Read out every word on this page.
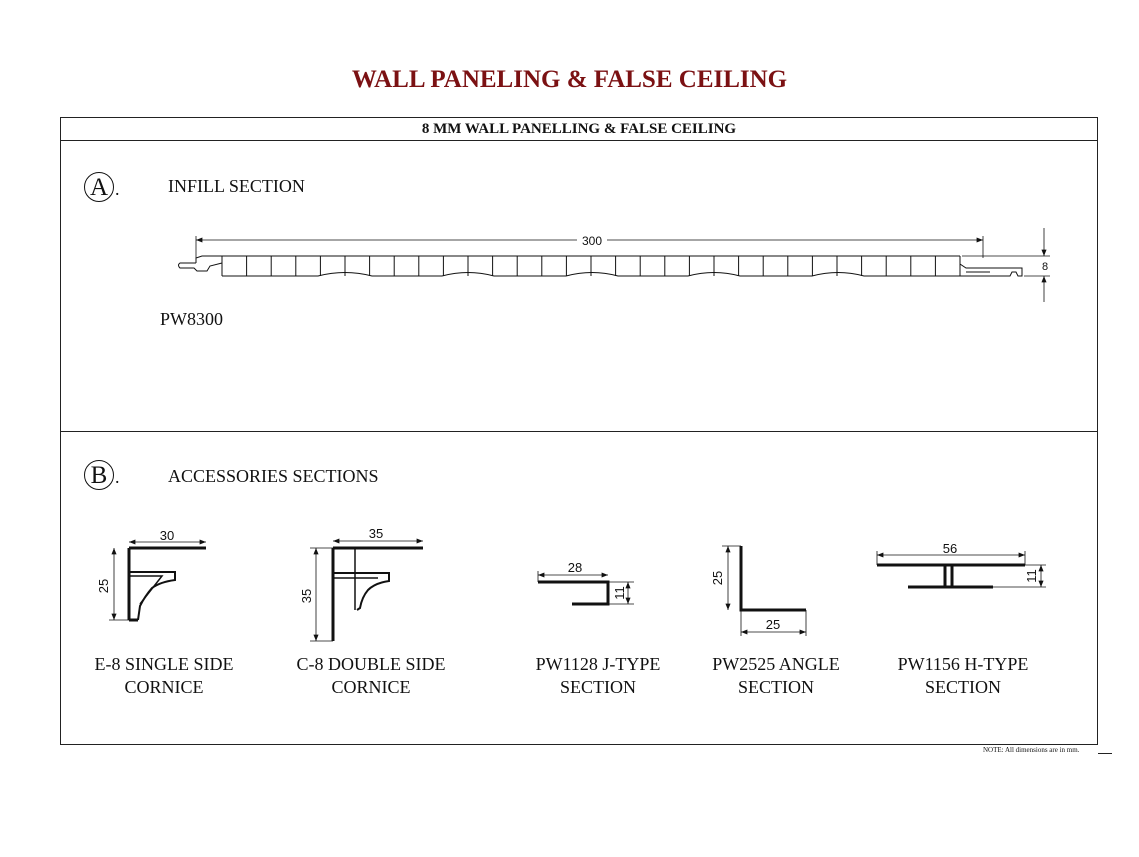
WALL PANELING & FALSE CEILING
8 MM WALL PANELLING & FALSE CEILING
A .	INFILL SECTION
PW8300
B .	ACCESSORIES SECTIONS
E-8 SINGLE SIDE
CORNICE
C-8 DOUBLE SIDE
CORNICE
PW1128 J-TYPE
SECTION
PW2525 ANGLE
SECTION
PW1156 H-TYPE
SECTION
NOTE: All dimensions are in mm.
300
8
30
25
35
35
28
11
25
25
56
11
